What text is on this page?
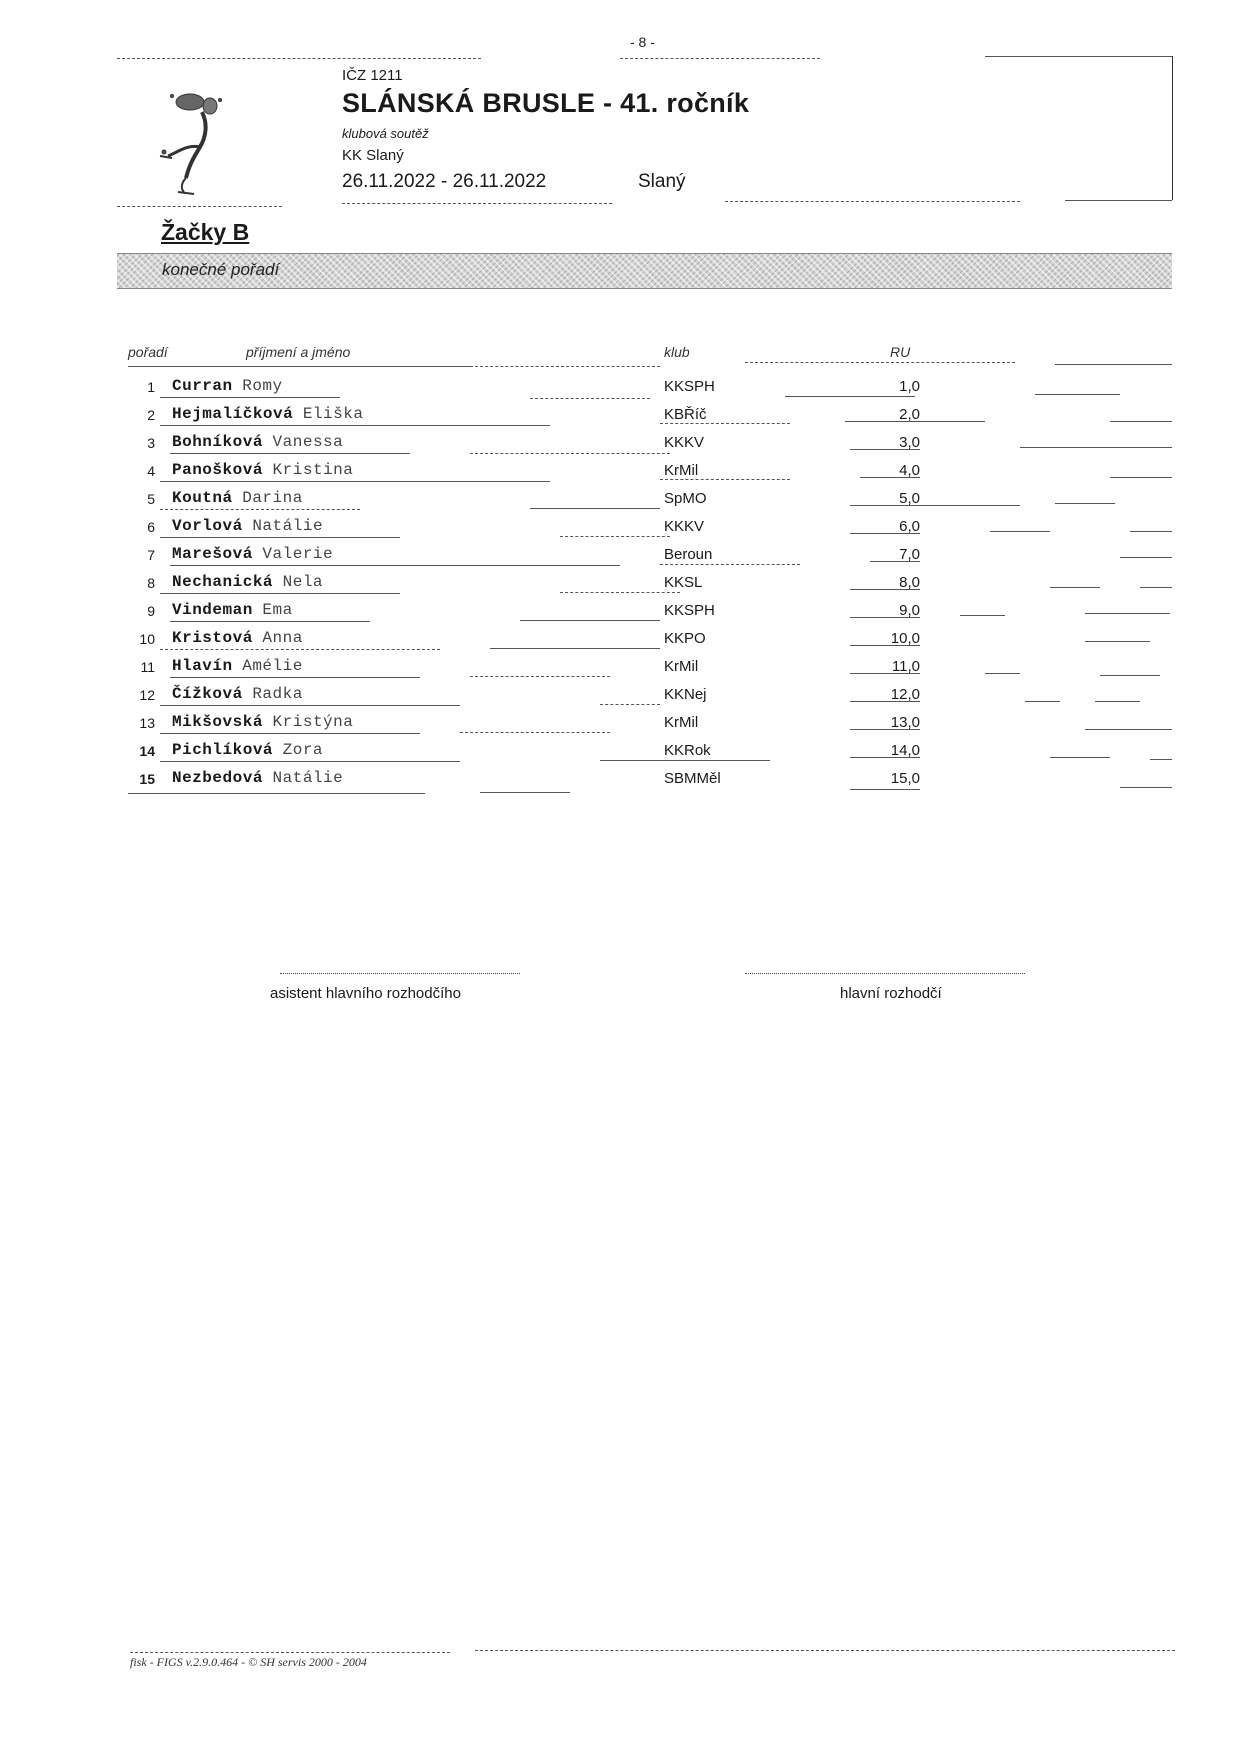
- 8 -
IČZ 1211
SLÁNSKÁ BRUSLE - 41. ročník
klubová soutěž
KK Slaný
26.11.2022 - 26.11.2022	Slaný
Žačky B
konečné pořadí
pořadí	příjmení a jméno	klub	RU
1 Curran Romy	KKSPH	1,0
2 Hejmalíčková Eliška	KBŘíč	2,0
3 Bohníková Vanessa	KKKV	3,0
4 Panošková Kristina	KrMil	4,0
5 Koutná Darina	SpMO	5,0
6 Vorlová Natálie	KKKV	6,0
7 Marešová Valerie	Beroun	7,0
8 Nechanická Nela	KKSL	8,0
9 Vindeman Ema	KKSPH	9,0
10 Kristová Anna	KKPO	10,0
11 Hlavín Amélie	KrMil	11,0
12 Čížková Radka	KKNej	12,0
13 Mikšovská Kristýna	KrMil	13,0
14 Pichlíková Zora	KKRok	14,0
15 Nezbedová Natálie	SBMMěl	15,0
asistent hlavního rozhodčího	hlavní rozhodčí
fisk - FIGS v.2.9.0.464 - © SH servis 2000 - 2004
